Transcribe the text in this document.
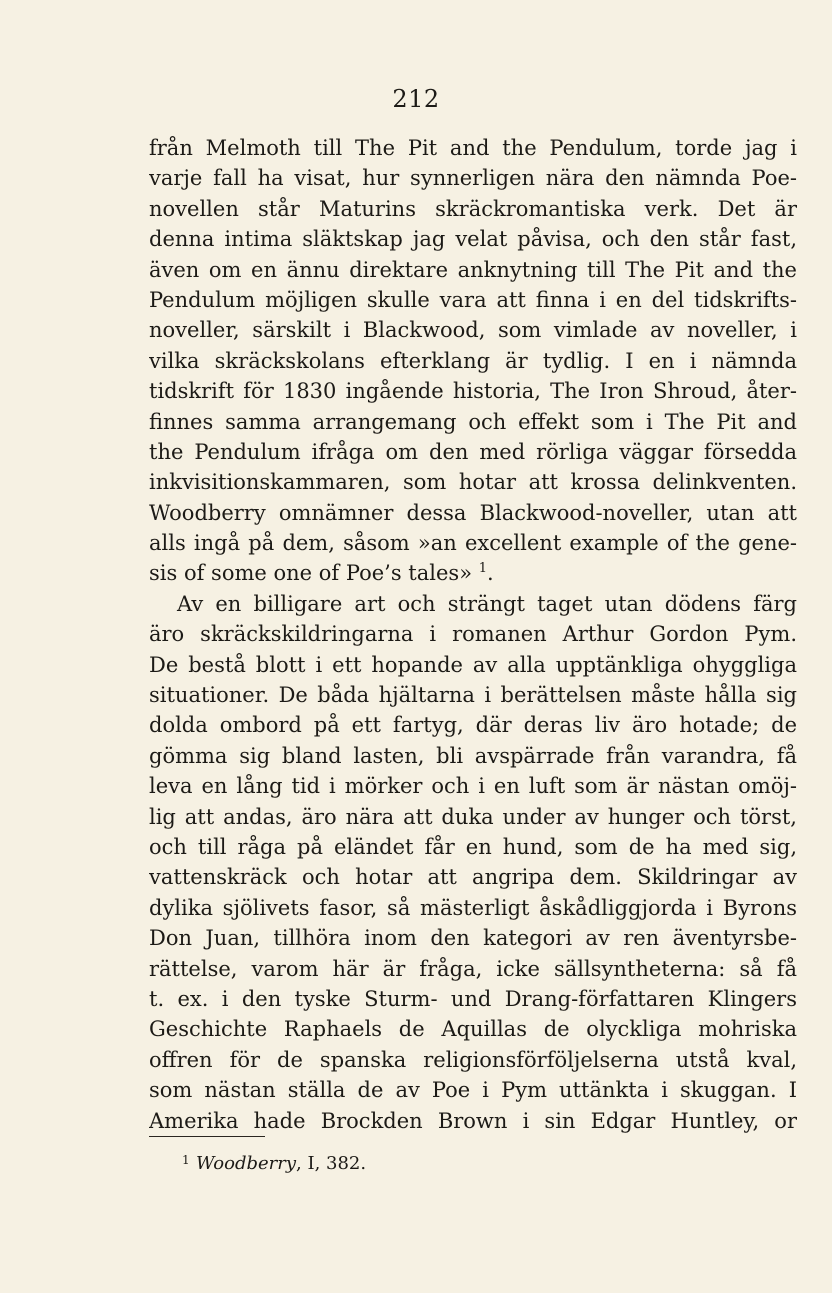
212
från Melmoth till The Pit and the Pendulum, torde jag i
varje fall ha visat, hur synnerligen nära den nämnda Poe-
novellen står Maturins skräckromantiska verk. Det är
denna intima släktskap jag velat påvisa, och den står fast,
även om en ännu direktare anknytning till The Pit and the
Pendulum möjligen skulle vara att finna i en del tidskrifts-
noveller, särskilt i Blackwood, som vimlade av noveller, i
vilka skräckskolans efterklang är tydlig. I en i nämnda
tidskrift för 1830 ingående historia, The Iron Shroud, åter-
finnes samma arrangemang och effekt som i The Pit and
the Pendulum ifråga om den med rörliga väggar försedda
inkvisitionskammaren, som hotar att krossa delinkventen.
Woodberry omnämner dessa Blackwood-noveller, utan att
alls ingå på dem, såsom »an excellent example of the gene-
sis of some one of Poe’s tales» $^1$.
Av en billigare art och strängt taget utan dödens färg
äro skräckskildringarna i romanen Arthur Gordon Pym.
De bestå blott i ett hopande av alla upptänkliga ohyggliga
situationer. De båda hjältarna i berättelsen måste hålla sig
dolda ombord på ett fartyg, där deras liv äro hotade; de
gömma sig bland lasten, bli avspärrade från varandra, få
leva en lång tid i mörker och i en luft som är nästan omöj-
lig att andas, äro nära att duka under av hunger och törst,
och till råga på eländet får en hund, som de ha med sig,
vattenskräck och hotar att angripa dem. Skildringar av
dylika sjölivets fasor, så mästerligt åskådliggjorda i Byrons
Don Juan, tillhöra inom den kategori av ren äventyrsbe-
rättelse, varom här är fråga, icke sällsyntheterna: så få
t. ex. i den tyske Sturm- und Drang-författaren Klingers
Geschichte Raphaels de Aquillas de olyckliga mohriska
offren för de spanska religionsförföljelserna utstå kval,
som nästan ställa de av Poe i Pym uttänkta i skuggan. I
Amerika hade Brockden Brown i sin Edgar Huntley, or
1 Woodberry, I, 382.
